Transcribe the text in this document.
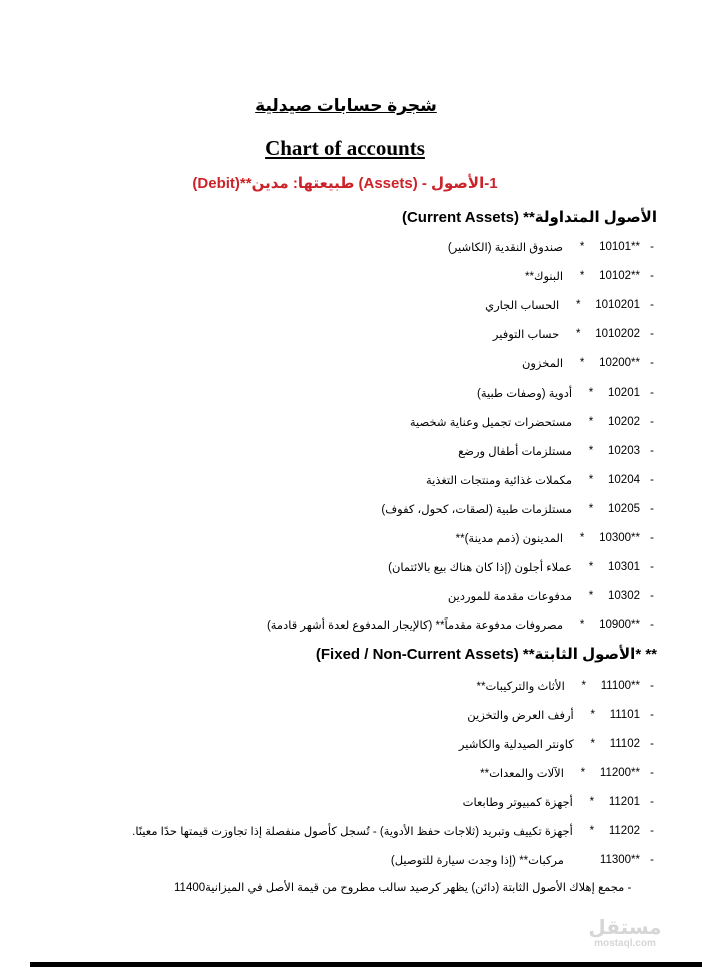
شجرة حسابات صيدلية
Chart of accounts
1-الأصول - (Assets) طبيعتها: مدين**(Debit)
الأصول المتداولة** (Current Assets)
صندوق النقدية (الكاشير)	*	10101** -
البنوك**	*	10102** -
الحساب الجاري	*	1010201 -
حساب التوفير	*	1010202 -
المخزون	*	10200** -
أدوية (وصفات طبية)	*	10201 -
مستحضرات تجميل وعناية شخصية	*	10202 -
مستلزمات أطفال ورضع	*	10203 -
مكملات غذائية ومنتجات التغذية	*	10204 -
مستلزمات طبية (لصقات، كحول، كفوف)	*	10205 -
المدينون (ذمم مدينة)**	*	10300** -
عملاء أجلون (إذا كان هناك بيع بالائتمان)	*	10301 -
مدفوعات مقدمة للموردين	*	10302 -
مصروفات مدفوعة مقدماً** (كالإيجار المدفوع لعدة أشهر قادمة)	*	10900** -
** *الأصول الثابتة** (Fixed / Non-Current Assets)
الأثاث والتركيبات**	*	11100** -
أرفف العرض والتخزين	*	11101 -
كاونتر الصيدلية والكاشير	*	11102 -
الآلات والمعدات**	*	11200** -
أجهزة كمبيوتر وطابعات	*	11201 -
أجهزة تكييف وتبريد (ثلاجات حفظ الأدوية) - تُسجل كأصول منفصلة إذا تجاوزت قيمتها حدًا معينًا.	*	11202 -
مركبات** (إذا وجدت سيارة للتوصيل)	11300** -
11400- مجمع إهلاك الأصول الثابتة (دائن) يظهر كرصيد سالب مطروح من قيمة الأصل في الميزانية
مستقل
mostaql.com
